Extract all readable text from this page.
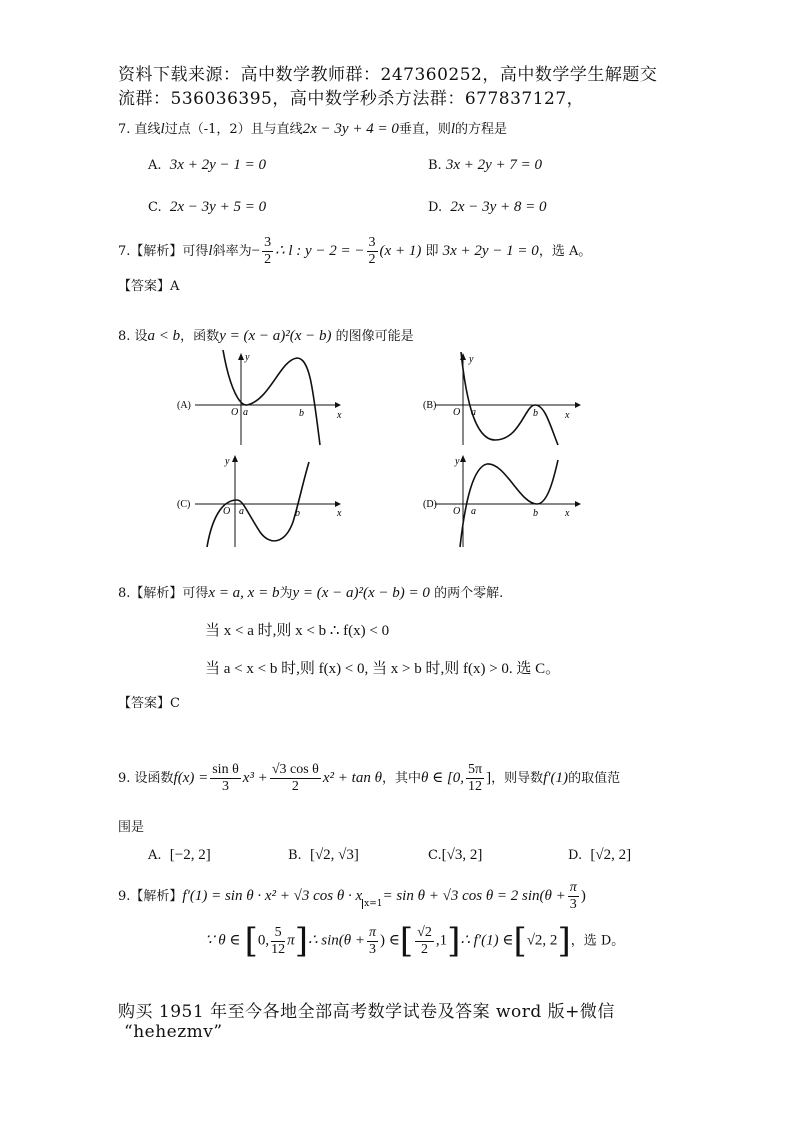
资料下载来源：高中数学教师群：247360252，高中数学学生解题交
流群：536036395，高中数学秒杀方法群：677837127，
7. 直线l过点（-1，2）且与直线2x − 3y + 4 = 0垂直，则l的方程是
A. 3x + 2y − 1 = 0	B. 3x + 2y + 7 = 0
C. 2x − 3y + 5 = 0	D. 2x − 3y + 8 = 0
7.【解析】可得l斜率为− $\frac{3}{2}$ ∴ l : y − 2 = − $\frac{3}{2} (x + 1)$ 即 3x + 2y − 1 = 0，选 A。
【答案】A
8. 设a < b，函数y = (x − a)²(x − b) 的图像可能是
(A)
y
x
O a	b
(B)
y
x
O a	b
(C)
y
x
O a	b
(D)
y
x
O a	b
8.【解析】可得x = a, x = b为y = (x − a)²(x − b) = 0 的两个零解.
当 x < a 时,则 x < b ∴ f(x) < 0
当 a < x < b 时,则 f(x) < 0, 当 x > b 时,则 f(x) > 0. 选 C。
【答案】C
9. 设函数$f(x) = \frac{\text{sin θ}}{3} x^3 + \frac{\text{√3 cos θ}}{2} x^2 + \tan \theta$，其中θ ∈ [0, $\frac{5\pi}{12}$ ]，则导数f′(1)的取值范
围是
A. [−2, 2]	B. [√2, √3]	C.[√3, 2]	D. [√2, 2]
9.【解析】f′(1) = sin θ · x² + √3 cos θ · x $_{x=1}$= sin θ + √3 cos θ = 2 $\sin(\theta + \frac{\pi}{3}$ )
∵ θ ∈ [0, $\frac{5}{12}$ π]∴ $\sin(\theta + \frac{\pi}{3}$ ) ∈[ $\frac{√2}{2}$ ,1]∴ f′(1) ∈[√2, 2]，选 D。
购买 1951 年至今各地全部高考数学试卷及答案 word 版+微信
“hehezmv”
